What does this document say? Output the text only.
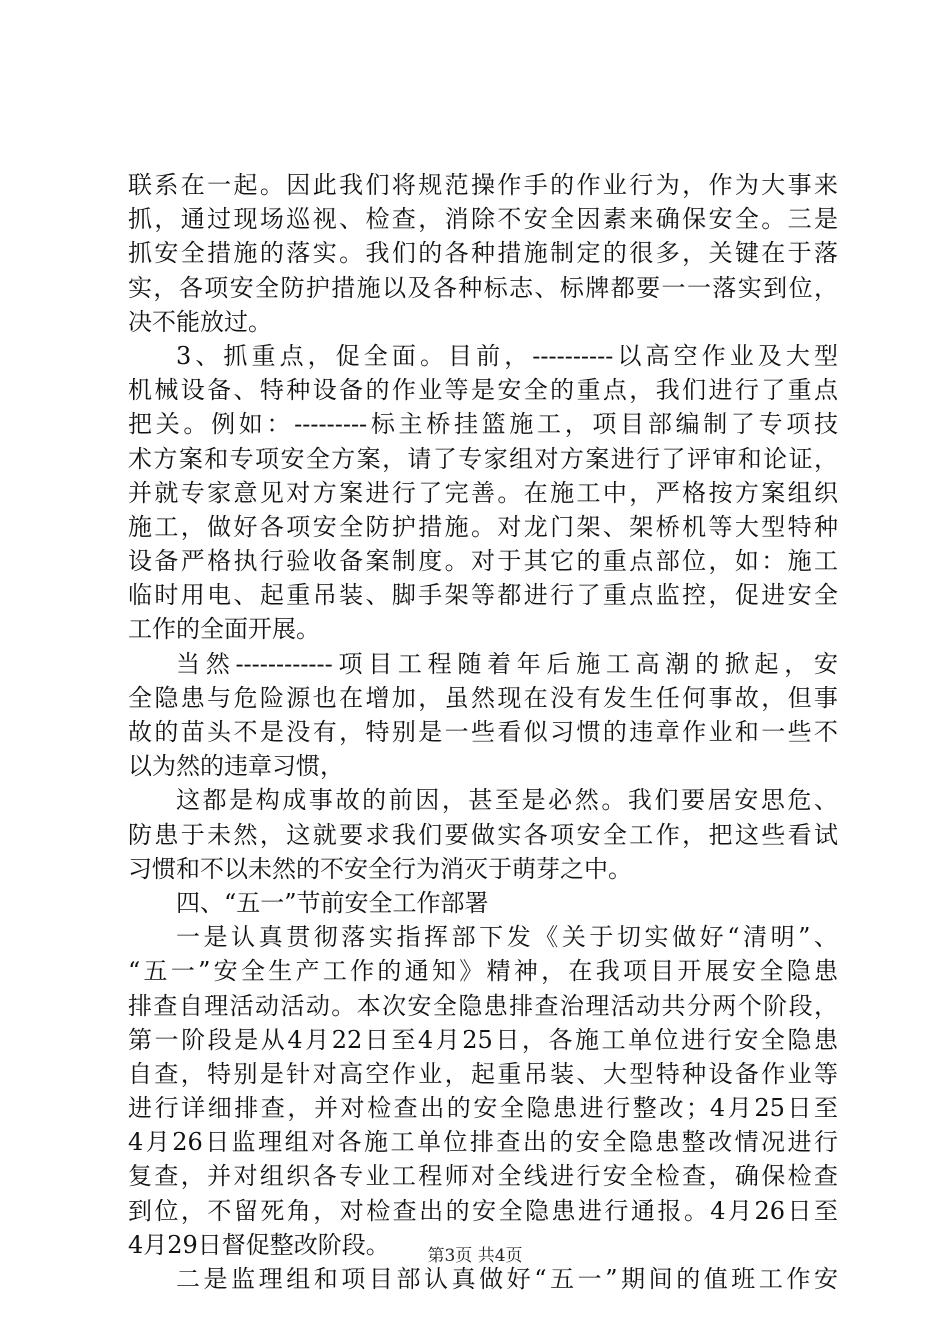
联系在一起。因此我们将规范操作手的作业行为，作为大事来
抓，通过现场巡视、检查，消除不安全因素来确保安全。三是
抓安全措施的落实。我们的各种措施制定的很多，关键在于落
实，各项安全防护措施以及各种标志、标牌都要一一落实到位，
决不能放过。
3、抓重点，促全面。目前，----------以高空作业及大型
机械设备、特种设备的作业等是安全的重点，我们进行了重点
把关。例如：---------标主桥挂篮施工，项目部编制了专项技
术方案和专项安全方案，请了专家组对方案进行了评审和论证，
并就专家意见对方案进行了完善。在施工中，严格按方案组织
施工，做好各项安全防护措施。对龙门架、架桥机等大型特种
设备严格执行验收备案制度。对于其它的重点部位，如：施工
临时用电、起重吊装、脚手架等都进行了重点监控，促进安全
工作的全面开展。
当然------------项目工程随着年后施工高潮的掀起，安
全隐患与危险源也在增加，虽然现在没有发生任何事故，但事
故的苗头不是没有，特别是一些看似习惯的违章作业和一些不
以为然的违章习惯，
这都是构成事故的前因，甚至是必然。我们要居安思危、
防患于未然，这就要求我们要做实各项安全工作，把这些看试
习惯和不以未然的不安全行为消灭于萌芽之中。
四、“五一”节前安全工作部署
一是认真贯彻落实指挥部下发《关于切实做好“清明”、
“五一”安全生产工作的通知》精神，在我项目开展安全隐患
排查自理活动活动。本次安全隐患排查治理活动共分两个阶段，
第一阶段是从4月22日至4月25日，各施工单位进行安全隐患
自查，特别是针对高空作业，起重吊装、大型特种设备作业等
进行详细排查，并对检查出的安全隐患进行整改；4月25日至
4月26日监理组对各施工单位排查出的安全隐患整改情况进行
复查，并对组织各专业工程师对全线进行安全检查，确保检查
到位，不留死角，对检查出的安全隐患进行通报。4月26日至
4月29日督促整改阶段。
二是监理组和项目部认真做好“五一”期间的值班工作安
第3页 共4页
